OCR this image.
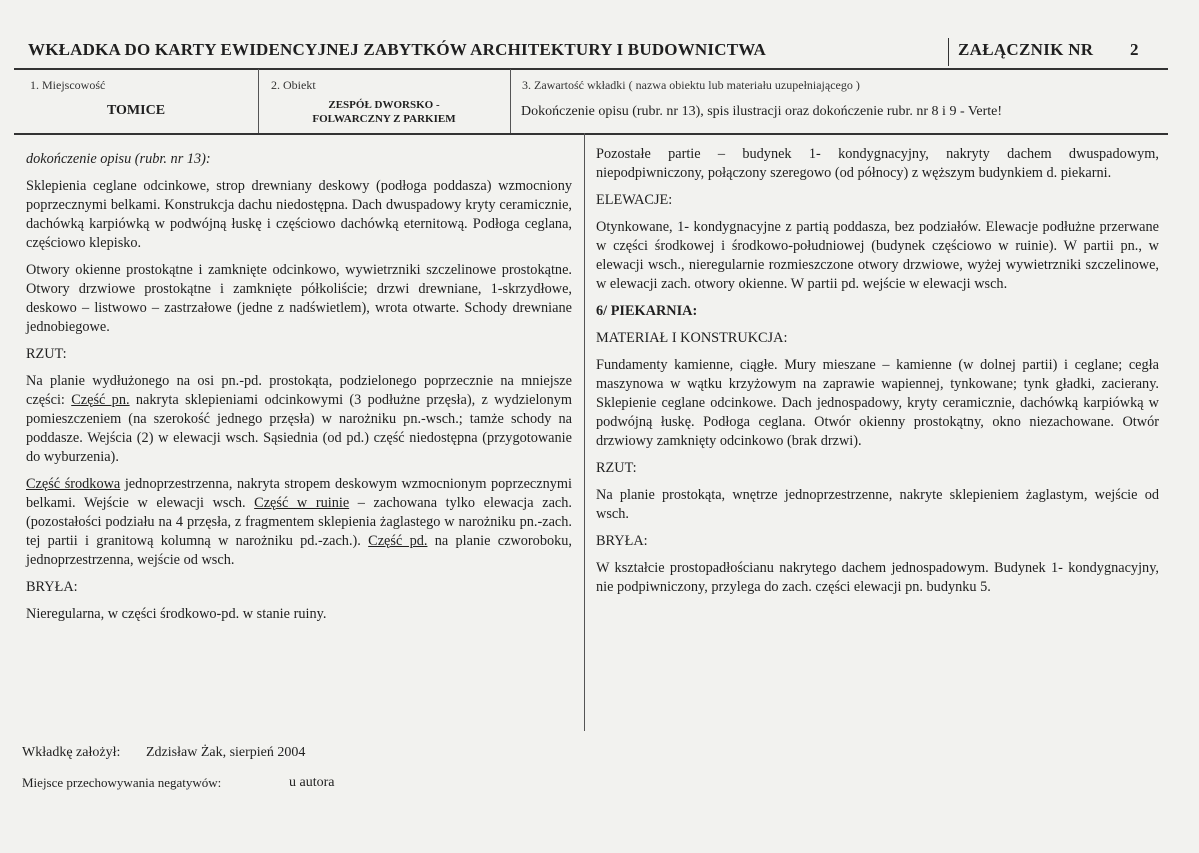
WKŁADKA DO KARTY EWIDENCYJNEJ ZABYTKÓW ARCHITEKTURY I BUDOWNICTWA	ZAŁĄCZNIK NR 2
1. Miejscowość
TOMICE
2. Obiekt
ZESPÓŁ DWORSKO -
FOLWARCZNY Z PARKIEM
3. Zawartość wkładki ( nazwa obiektu lub materiału uzupełniającego )
Dokończenie opisu (rubr. nr 13), spis ilustracji oraz dokończenie rubr. nr 8 i 9 - Verte!

dokończenie opisu (rubr. nr 13):

Sklepienia ceglane odcinkowe, strop drewniany deskowy (podłoga poddasza) wzmocniony poprzecznymi belkami. Konstrukcja dachu niedostępna. Dach dwuspadowy kryty ceramicznie, dachówką karpiówką w podwójną łuskę i częściowo dachówką eternitową. Podłoga ceglana, częściowo klepisko.

Otwory okienne prostokątne i zamknięte odcinkowo, wywietrzniki szczelinowe prostokątne. Otwory drzwiowe prostokątne i zamknięte półkoliście; drzwi drewniane, 1-skrzydłowe, deskowo – listwowo – zastrzałowe (jedne z nadświetlem), wrota otwarte. Schody drewniane jednobiegowe.

RZUT:

Na planie wydłużonego na osi pn.-pd. prostokąta, podzielonego poprzecznie na mniejsze części: Część pn. nakryta sklepieniami odcinkowymi (3 podłużne przęsła), z wydzielonym pomieszczeniem (na szerokość jednego przęsła) w narożniku pn.-wsch.; tamże schody na poddasze. Wejścia (2) w elewacji wsch. Sąsiednia (od pd.) część niedostępna (przygotowanie do wyburzenia).

Część środkowa jednoprzestrzenna, nakryta stropem deskowym wzmocnionym poprzecznymi belkami. Wejście w elewacji wsch. Część w ruinie – zachowana tylko elewacja zach. (pozostałości podziału na 4 przęsła, z fragmentem sklepienia żaglastego w narożniku pn.-zach. tej partii i granitową kolumną w narożniku pd.-zach.). Część pd. na planie czworoboku, jednoprzestrzenna, wejście od wsch.

BRYŁA:

Nieregularna, w części środkowo-pd. w stanie ruiny.

Pozostałe partie – budynek 1- kondygnacyjny, nakryty dachem dwuspadowym, niepodpiwniczony, połączony szeregowo (od północy) z węższym budynkiem d. piekarni.

ELEWACJE:

Otynkowane, 1- kondygnacyjne z partią poddasza, bez podziałów. Elewacje podłużne przerwane w części środkowej i środkowo-południowej (budynek częściowo w ruinie). W partii pn., w elewacji wsch., nieregularnie rozmieszczone otwory drzwiowe, wyżej wywietrzniki szczelinowe, w elewacji zach. otwory okienne. W partii pd. wejście w elewacji wsch.

6/ PIEKARNIA:
MATERIAŁ I KONSTRUKCJA:

Fundamenty kamienne, ciągłe. Mury mieszane – kamienne (w dolnej partii) i ceglane; cegła maszynowa w wątku krzyżowym na zaprawie wapiennej, tynkowane; tynk gładki, zacierany. Sklepienie ceglane odcinkowe. Dach jednospadowy, kryty ceramicznie, dachówką karpiówką w podwójną łuskę. Podłoga ceglana. Otwór okienny prostokątny, okno niezachowane. Otwór drzwiowy zamknięty odcinkowo (brak drzwi).

RZUT:

Na planie prostokąta, wnętrze jednoprzestrzenne, nakryte sklepieniem żaglastym, wejście od wsch.

BRYŁA:

W kształcie prostopadłościanu nakrytego dachem jednospadowym. Budynek 1- kondygnacyjny, nie podpiwniczony, przylega do zach. części elewacji pn. budynku 5.

Wkładkę założył: Zdzisław Żak, sierpień 2004
Miejsce przechowywania negatywów:	u autora
